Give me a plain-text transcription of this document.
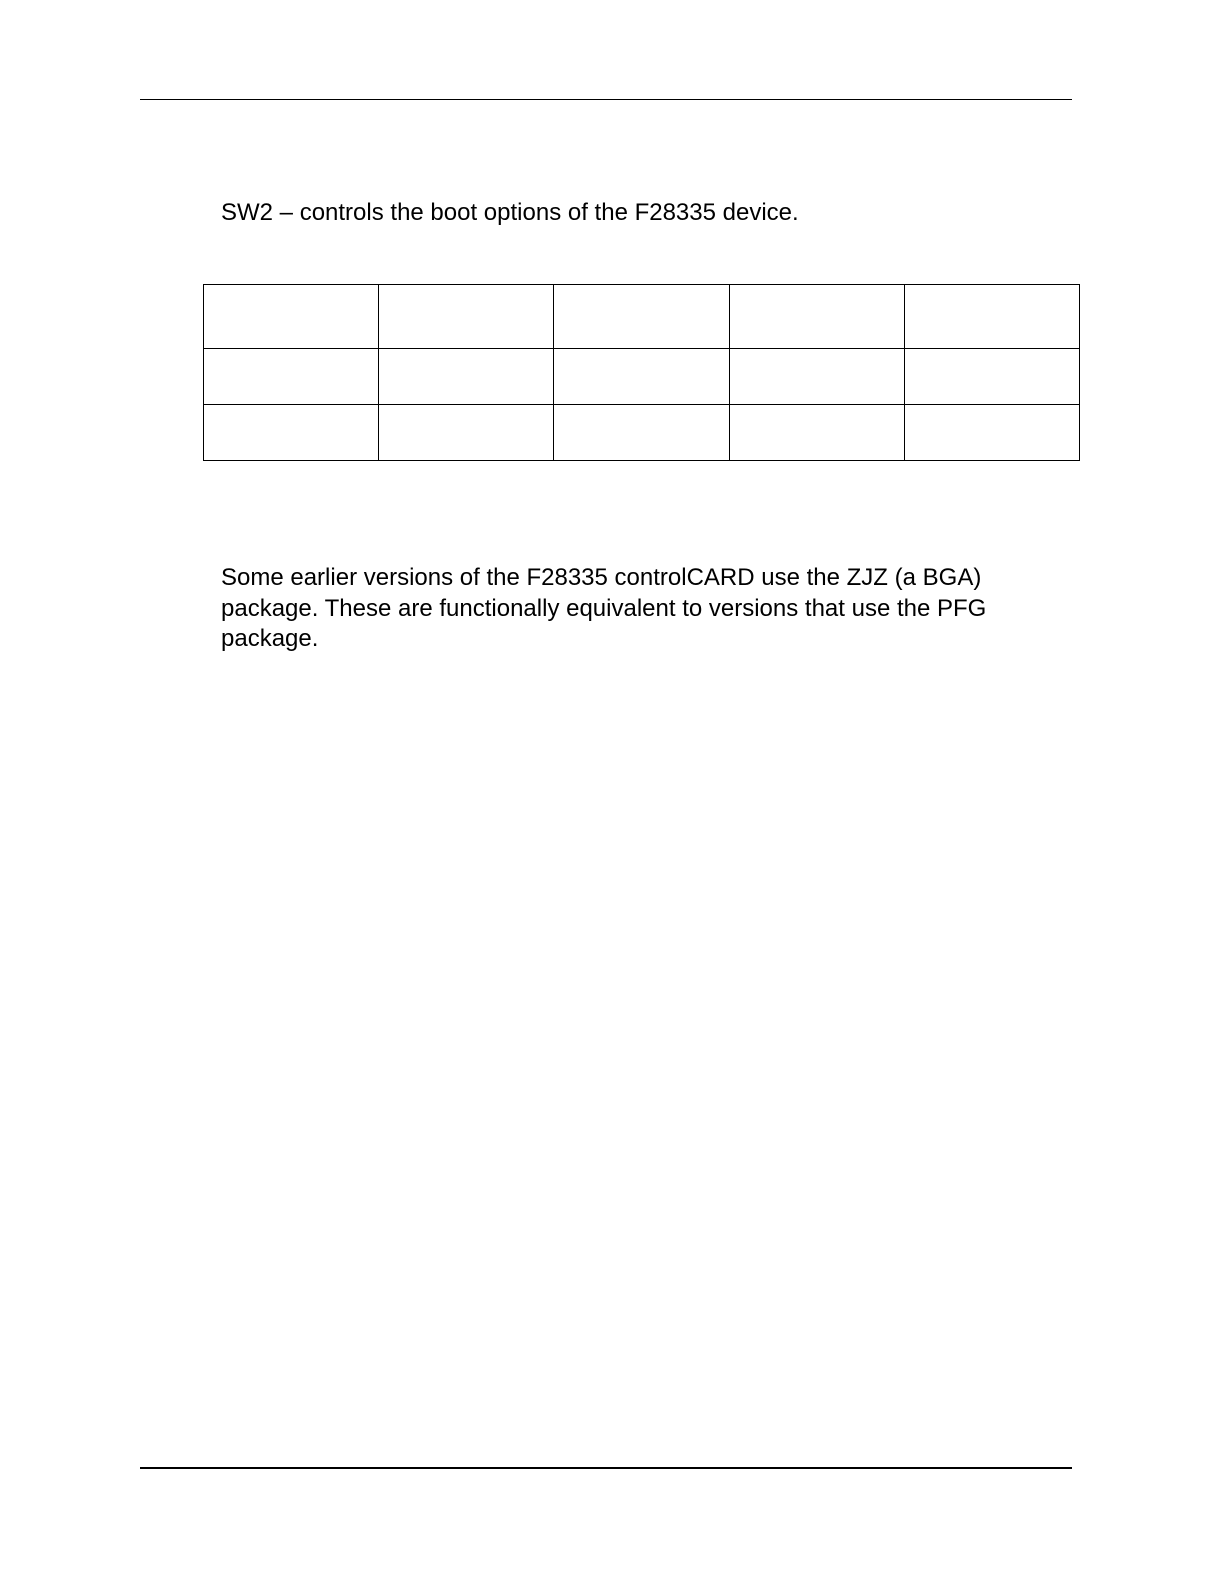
SW2 – controls the boot options of the F28335 device.

Some earlier versions of the F28335 controlCARD use the ZJZ (a BGA)
package. These are functionally equivalent to versions that use the PFG
package.
